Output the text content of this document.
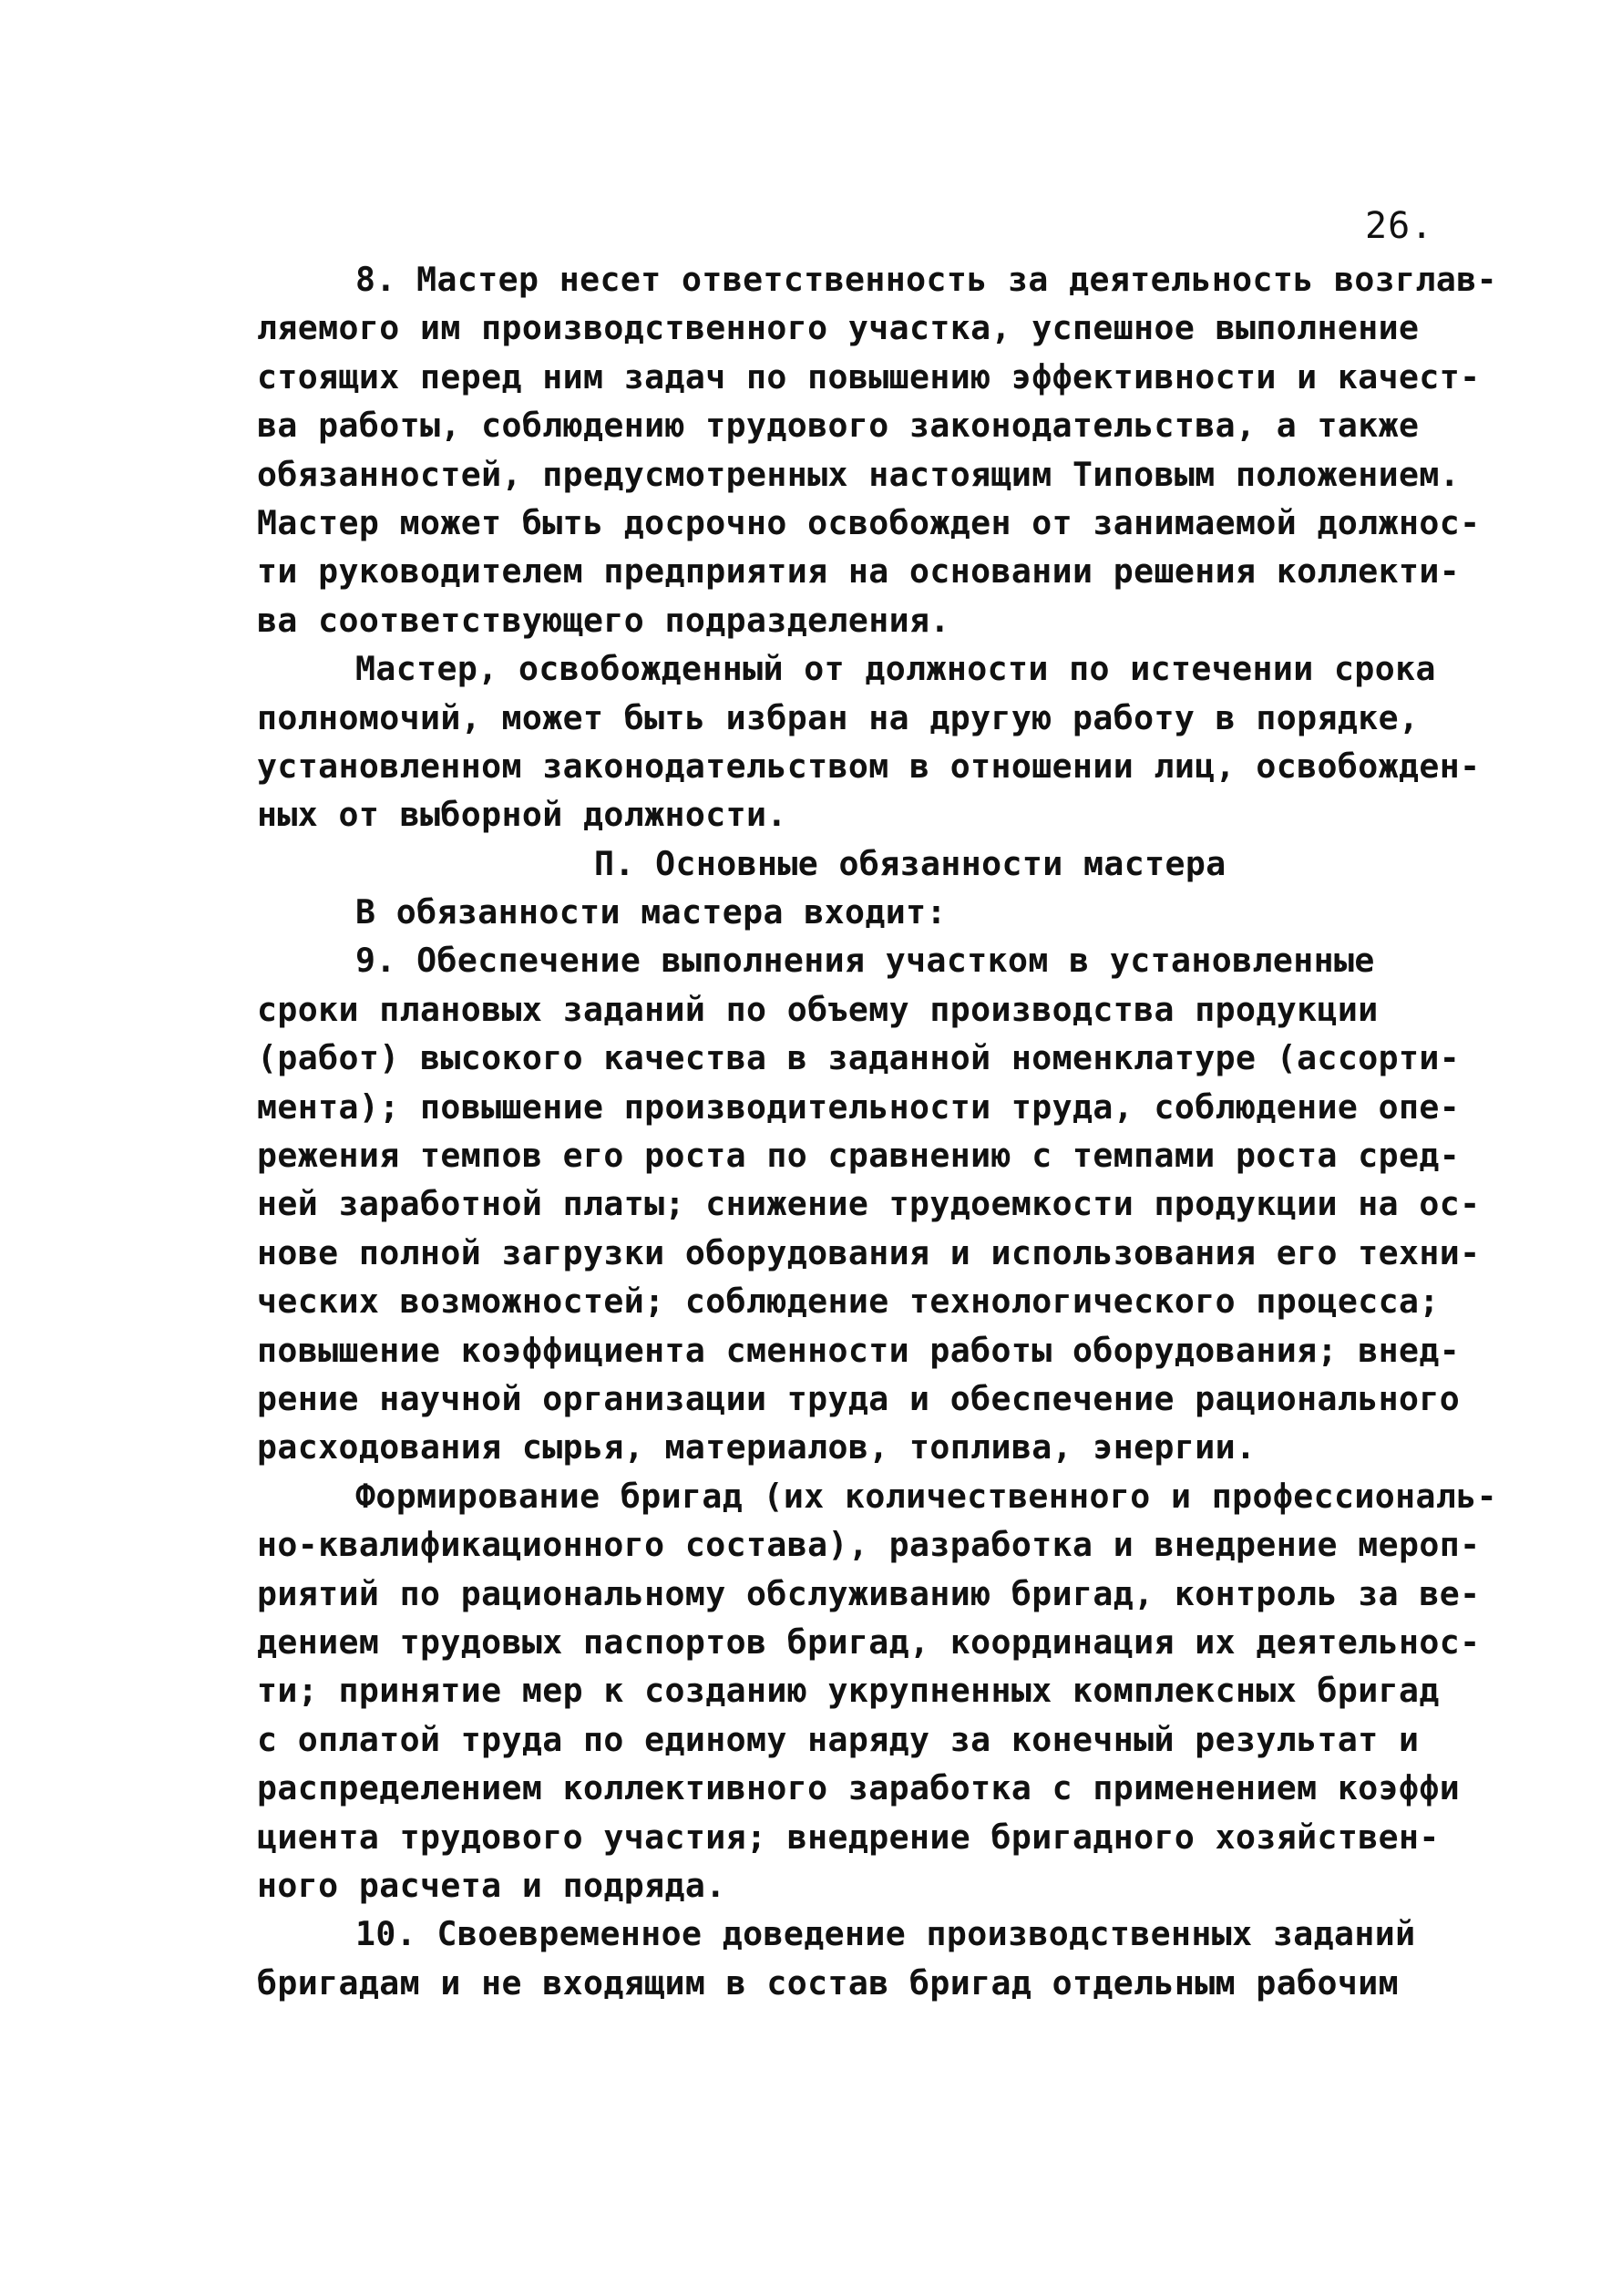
26.
8. Мастер несет ответственность за деятельность возглав-
ляемого им производственного участка, успешное выполнение
стоящих перед ним задач по повышению эффективности и качест-
ва работы, соблюдению трудового законодательства, а также
обязанностей, предусмотренных настоящим Типовым положением.
Мастер может быть досрочно освобожден от занимаемой должнос-
ти руководителем предприятия на основании решения коллекти-
ва соответствующего подразделения.
Мастер, освобожденный от должности по истечении срока
полномочий, может быть избран на другую работу в порядке,
установленном законодательством в отношении лиц, освобожден-
ных от выборной должности.
П. Основные обязанности мастера
В обязанности мастера входит:
9. Обеспечение выполнения участком в установленные
сроки плановых заданий по объему производства продукции
(работ) высокого качества в заданной номенклатуре (ассорти-
мента); повышение производительности труда, соблюдение опе-
режения темпов его роста по сравнению с темпами роста сред-
ней заработной платы; снижение трудоемкости продукции на ос-
нове полной загрузки оборудования и использования его техни-
ческих возможностей; соблюдение технологического процесса;
повышение коэффициента сменности работы оборудования; внед-
рение научной организации труда и обеспечение рационального
расходования сырья, материалов, топлива, энергии.
Формирование бригад (их количественного и профессиональ-
но-квалификационного состава), разработка и внедрение мероп-
риятий по рациональному обслуживанию бригад, контроль за ве-
дением трудовых паспортов бригад, координация их деятельнос-
ти; принятие мер к созданию укрупненных комплексных бригад
с оплатой труда по единому наряду за конечный результат и
распределением коллективного заработка с применением коэффи
циента трудового участия; внедрение бригадного хозяйствен-
ного расчета и подряда.
10. Своевременное доведение производственных заданий
бригадам и не входящим в состав бригад отдельным рабочим
